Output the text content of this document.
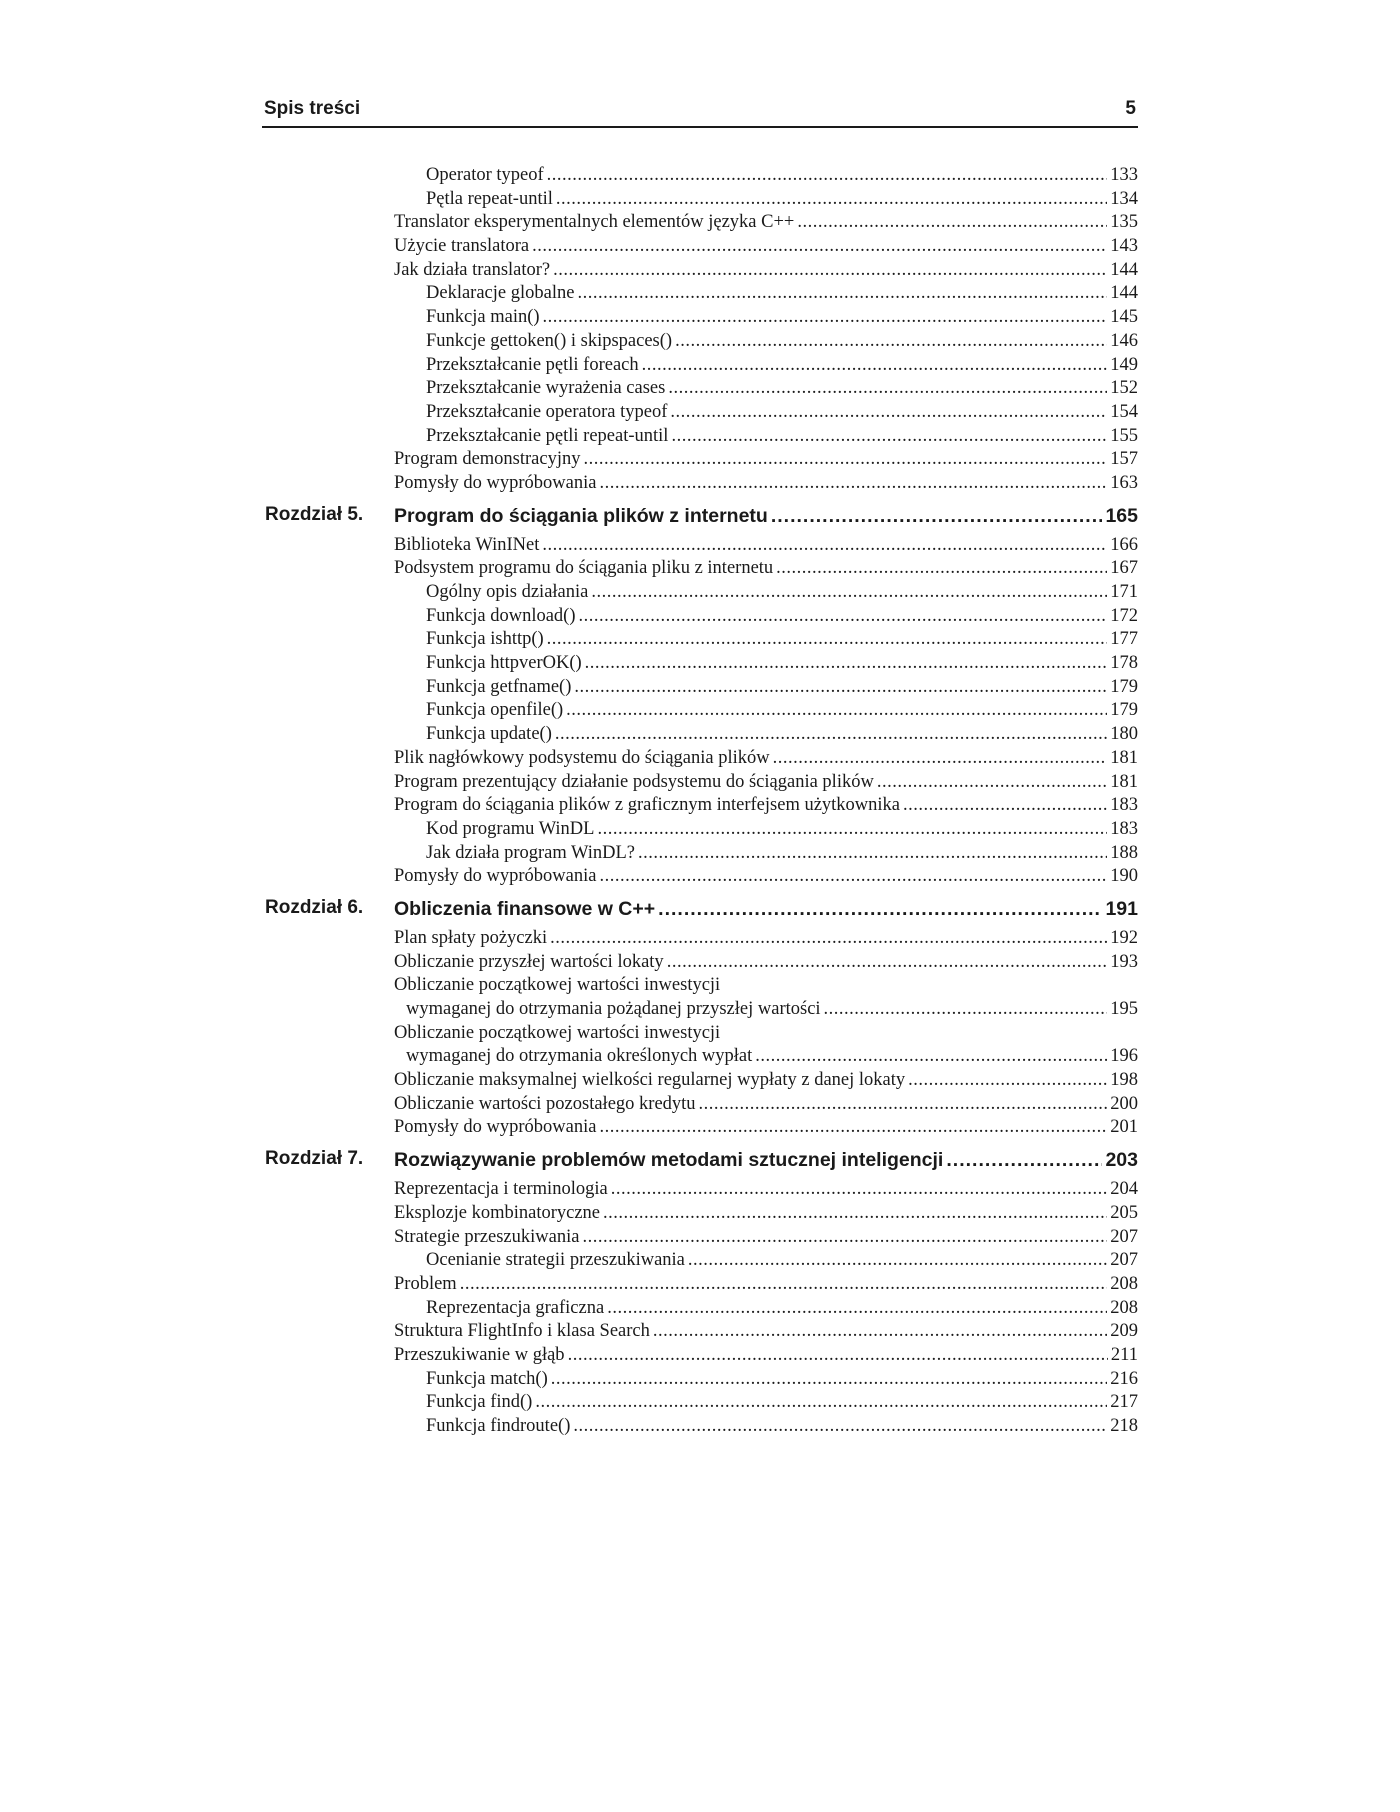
Spis treści	5
Operator typeof .....	133
Pętla repeat-until .....	134
Translator eksperymentalnych elementów języka C++ .....	135
Użycie translatora .....	143
Jak działa translator? .....	144
Deklaracje globalne .....	144
Funkcja main() .....	145
Funkcje gettoken() i skipspaces() .....	146
Przekształcanie pętli foreach .....	149
Przekształcanie wyrażenia cases .....	152
Przekształcanie operatora typeof .....	154
Przekształcanie pętli repeat-until .....	155
Program demonstracyjny .....	157
Pomysły do wypróbowania .....	163
Rozdział 5. Program do ściągania plików z internetu .....	165
Biblioteka WinINet .....	166
Podsystem programu do ściągania pliku z internetu .....	167
Ogólny opis działania .....	171
Funkcja download() .....	172
Funkcja ishttp() .....	177
Funkcja httpverOK() .....	178
Funkcja getfname() .....	179
Funkcja openfile() .....	179
Funkcja update() .....	180
Plik nagłówkowy podsystemu do ściągania plików .....	181
Program prezentujący działanie podsystemu do ściągania plików .....	181
Program do ściągania plików z graficznym interfejsem użytkownika .....	183
Kod programu WinDL .....	183
Jak działa program WinDL? .....	188
Pomysły do wypróbowania .....	190
Rozdział 6. Obliczenia finansowe w C++ .....	191
Plan spłaty pożyczki .....	192
Obliczanie przyszłej wartości lokaty .....	193
Obliczanie początkowej wartości inwestycji
wymaganej do otrzymania pożądanej przyszłej wartości .....	195
Obliczanie początkowej wartości inwestycji
wymaganej do otrzymania określonych wypłat .....	196
Obliczanie maksymalnej wielkości regularnej wypłaty z danej lokaty .....	198
Obliczanie wartości pozostałego kredytu .....	200
Pomysły do wypróbowania .....	201
Rozdział 7. Rozwiązywanie problemów metodami sztucznej inteligencji .....	203
Reprezentacja i terminologia .....	204
Eksplozje kombinatoryczne .....	205
Strategie przeszukiwania .....	207
Ocenianie strategii przeszukiwania .....	207
Problem .....	208
Reprezentacja graficzna .....	208
Struktura FlightInfo i klasa Search .....	209
Przeszukiwanie w głąb .....	211
Funkcja match() .....	216
Funkcja find() .....	217
Funkcja findroute() .....	218
